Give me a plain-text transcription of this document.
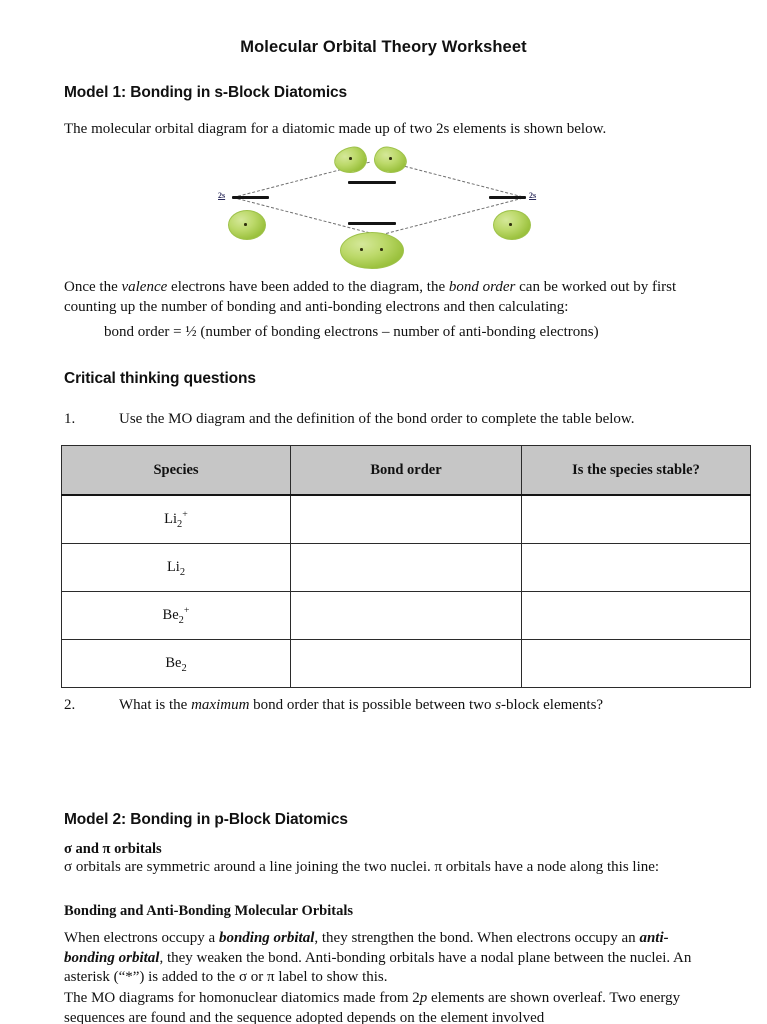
Molecular Orbital Theory Worksheet
Model 1: Bonding in s-Block Diatomics
The molecular orbital diagram for a diatomic made up of two 2s elements is shown below.
2s	2s
Once the valence electrons have been added to the diagram, the bond order can be worked out by first counting up the number of bonding and anti-bonding electrons and then calculating:
bond order = ½ (number of bonding electrons – number of anti-bonding electrons)
Critical thinking questions
1.	Use the MO diagram and the definition of the bond order to complete the table below.
Species	Bond order	Is the species stable?
$Li_2^+$		
$Li_2$		
$Be_2^+$		
$Be_2$		
2.	What is the maximum bond order that is possible between two s-block elements?
Model 2: Bonding in p-Block Diatomics
σ and π orbitals
σ orbitals are symmetric around a line joining the two nuclei. π orbitals have a node along this line:
Bonding and Anti-Bonding Molecular Orbitals
When electrons occupy a bonding orbital, they strengthen the bond. When electrons occupy an anti-bonding orbital, they weaken the bond. Anti-bonding orbitals have a nodal plane between the nuclei. An asterisk (“*”) is added to the σ or π label to show this.
The MO diagrams for homonuclear diatomics made from 2p elements are shown overleaf. Two energy sequences are found and the sequence adopted depends on the element involved
